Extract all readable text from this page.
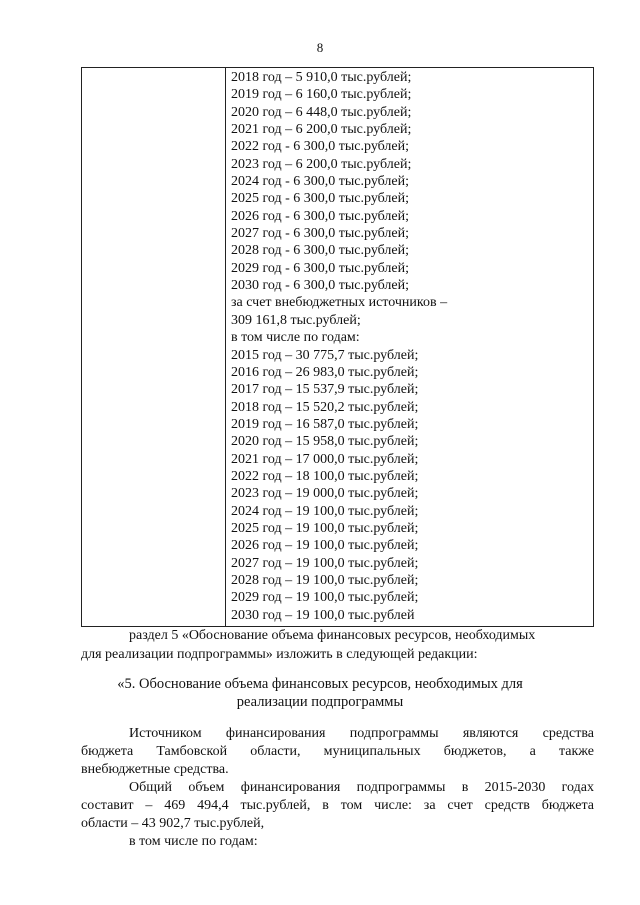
8
2018 год – 5 910,0 тыс.рублей;
2019 год – 6 160,0 тыс.рублей;
2020 год – 6 448,0 тыс.рублей;
2021 год – 6 200,0 тыс.рублей;
2022 год - 6 300,0 тыс.рублей;
2023 год – 6 200,0 тыс.рублей;
2024 год - 6 300,0 тыс.рублей;
2025 год - 6 300,0 тыс.рублей;
2026 год - 6 300,0 тыс.рублей;
2027 год - 6 300,0 тыс.рублей;
2028 год - 6 300,0 тыс.рублей;
2029 год - 6 300,0 тыс.рублей;
2030 год - 6 300,0 тыс.рублей;
за счет внебюджетных источников –
309 161,8 тыс.рублей;
в том числе по годам:
2015 год – 30 775,7 тыс.рублей;
2016 год – 26 983,0 тыс.рублей;
2017 год – 15 537,9 тыс.рублей;
2018 год – 15 520,2 тыс.рублей;
2019 год – 16 587,0 тыс.рублей;
2020 год – 15 958,0 тыс.рублей;
2021 год – 17 000,0 тыс.рублей;
2022 год – 18 100,0 тыс.рублей;
2023 год – 19 000,0 тыс.рублей;
2024 год – 19 100,0 тыс.рублей;
2025 год – 19 100,0 тыс.рублей;
2026 год – 19 100,0 тыс.рублей;
2027 год – 19 100,0 тыс.рублей;
2028 год – 19 100,0 тыс.рублей;
2029 год – 19 100,0 тыс.рублей;
2030 год – 19 100,0 тыс.рублей
раздел 5 «Обоснование объема финансовых ресурсов, необходимых
для реализации подпрограммы» изложить в следующей редакции:
«5. Обоснование объема финансовых ресурсов, необходимых для
реализации подпрограммы
Источником финансирования подпрограммы являются средства
бюджета Тамбовской области, муниципальных бюджетов, а также
внебюджетные средства.
Общий объем финансирования подпрограммы в 2015-2030 годах
составит – 469 494,4 тыс.рублей, в том числе: за счет средств бюджета
области – 43 902,7 тыс.рублей,
в том числе по годам:
